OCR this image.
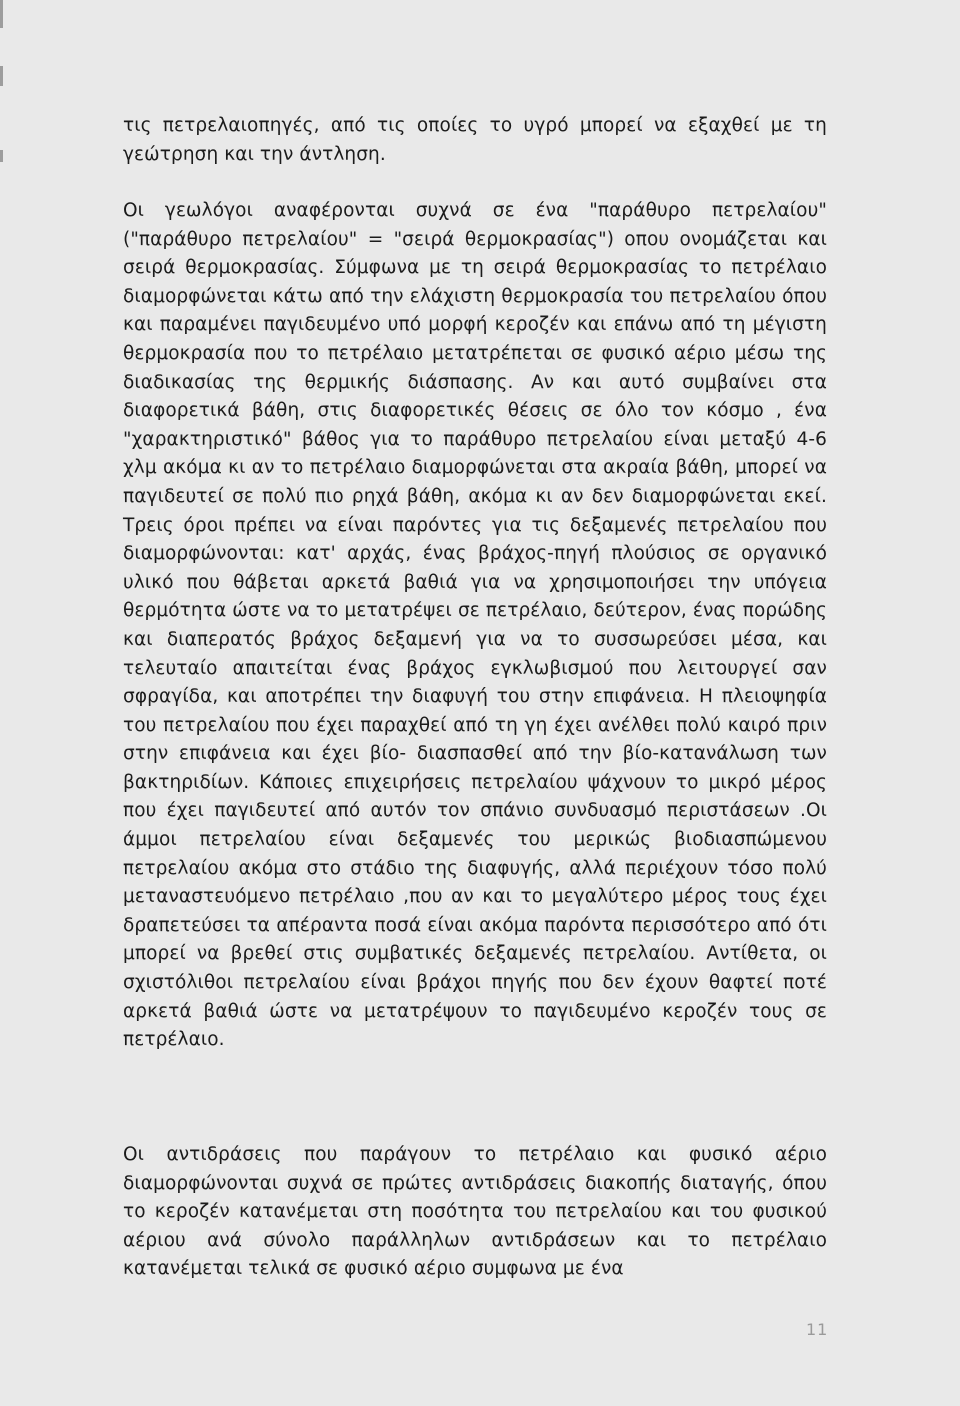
τις πετρελαιοπηγές, από τις οποίες το υγρό μπορεί να εξαχθεί με τη γεώτρηση και την άντληση.

Οι γεωλόγοι αναφέρονται συχνά σε ένα "παράθυρο πετρελαίου" ("παράθυρο πετρελαίου" = "σειρά θερμοκρασίας") οπου ονομάζεται και σειρά θερμοκρασίας. Σύμφωνα με τη σειρά θερμοκρασίας το πετρέλαιο διαμορφώνεται κάτω από την ελάχιστη θερμοκρασία του πετρελαίου όπου και παραμένει παγιδευμένο υπό μορφή κεροζέν και επάνω από τη μέγιστη θερμοκρασία που το πετρέλαιο μετατρέπεται σε φυσικό αέριο μέσω της διαδικασίας της θερμικής διάσπασης. Αν και αυτό συμβαίνει στα διαφορετικά βάθη, στις διαφορετικές θέσεις σε όλο τον κόσμο , ένα "χαρακτηριστικό" βάθος για το παράθυρο πετρελαίου είναι μεταξύ 4-6 χλμ ακόμα κι αν το πετρέλαιο διαμορφώνεται στα ακραία βάθη, μπορεί να παγιδευτεί σε πολύ πιο ρηχά βάθη, ακόμα κι αν δεν διαμορφώνεται εκεί. Τρεις όροι πρέπει να είναι παρόντες για τις δεξαμενές πετρελαίου που διαμορφώνονται: κατ' αρχάς, ένας βράχος-πηγή πλούσιος σε οργανικό υλικό που θάβεται αρκετά βαθιά για να χρησιμοποιήσει την υπόγεια θερμότητα ώστε να το μετατρέψει σε πετρέλαιο, δεύτερον, ένας πορώδης και διαπερατός βράχος δεξαμενή για να το συσσωρεύσει μέσα, και τελευταίο απαιτείται ένας βράχος εγκλωβισμού που λειτουργεί σαν σφραγίδα, και αποτρέπει την διαφυγή του στην επιφάνεια. Η πλειοψηφία του πετρελαίου που έχει παραχθεί από τη γη έχει ανέλθει πολύ καιρό πριν στην επιφάνεια και έχει βίο- διασπασθεί από την βίο-κατανάλωση των βακτηριδίων. Κάποιες επιχειρήσεις πετρελαίου ψάχνουν το μικρό μέρος που έχει παγιδευτεί από αυτόν τον σπάνιο συνδυασμό περιστάσεων .Οι άμμοι πετρελαίου είναι δεξαμενές του μερικώς βιοδιασπώμενου πετρελαίου ακόμα στο στάδιο της διαφυγής, αλλά περιέχουν τόσο πολύ μεταναστευόμενο πετρέλαιο ,που αν και το μεγαλύτερο μέρος τους έχει δραπετεύσει τα απέραντα ποσά είναι ακόμα παρόντα περισσότερο από ότι μπορεί να βρεθεί στις συμβατικές δεξαμενές πετρελαίου. Αντίθετα, οι σχιστόλιθοι πετρελαίου είναι βράχοι πηγής που δεν έχουν θαφτεί ποτέ αρκετά βαθιά ώστε να μετατρέψουν το παγιδευμένο κεροζέν τους σε πετρέλαιο.

Οι αντιδράσεις που παράγουν το πετρέλαιο και φυσικό αέριο διαμορφώνονται συχνά σε πρώτες αντιδράσεις διακοπής διαταγής, όπου το κεροζέν κατανέμεται στη ποσότητα του πετρελαίου και του φυσικού αέριου ανά σύνολο παράλληλων αντιδράσεων και το πετρέλαιο κατανέμεται τελικά σε φυσικό αέριο συμφωνα με ένα

11
